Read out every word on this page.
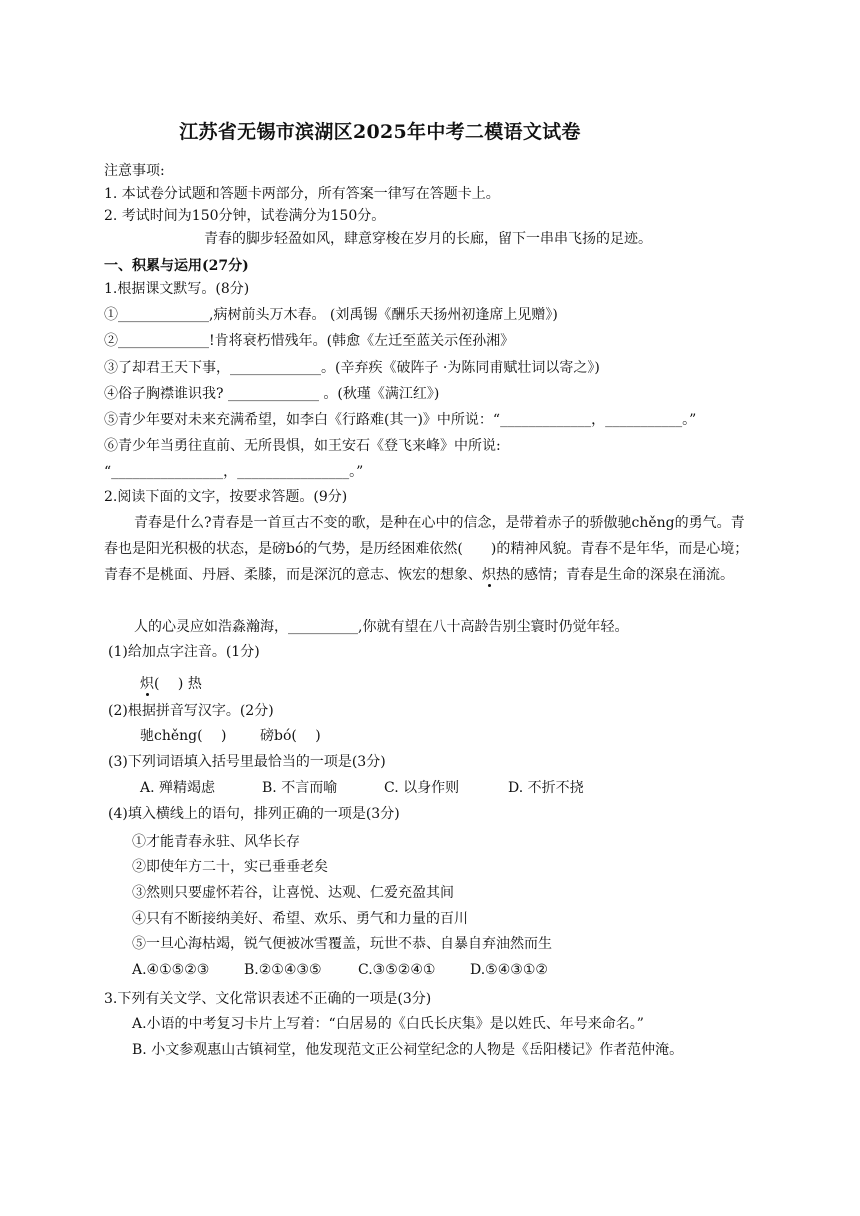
江苏省无锡市滨湖区2025年中考二模语文试卷
注意事项:
1. 本试卷分试题和答题卡两部分，所有答案一律写在答题卡上。
2. 考试时间为150分钟，试卷满分为150分。
青春的脚步轻盈如风，肆意穿梭在岁月的长廊，留下一串串飞扬的足迹。
一、积累与运用(27分)
1.根据课文默写。(8分)
①_____________,病树前头万木春。 (刘禹锡《酬乐天扬州初逢席上见赠》)
②_____________!肯将衰朽惜残年。(韩愈《左迁至蓝关示侄孙湘》
③了却君王天下事，_____________。(辛弃疾《破阵子 ·为陈同甫赋壮词以寄之》)
④俗子胸襟谁识我? _____________ 。(秋瑾《满江红》)
⑤青少年要对未来充满希望，如李白《行路难(其一)》中所说：“_____________，___________。”
⑥青少年当勇往直前、无所畏惧，如王安石《登飞来峰》中所说:
“________________，________________。”
2.阅读下面的文字，按要求答题。(9分)
青春是什么?青春是一首亘古不变的歌，是种在心中的信念，是带着赤子的骄傲驰chěng的勇气。青春也是阳光积极的状态，是磅bó的气势，是历经困难依然(　　)的精神风貌。青春不是年华，而是心境；青春不是桃面、丹唇、柔膝，而是深沉的意志、恢宏的想象、炽热的感情；青春是生命的深泉在涌流。
人的心灵应如浩淼瀚海，__________,你就有望在八十高龄告别尘寰时仍觉年轻。
(1)给加点字注音。(1分)
炽(　 ) 热
(2)根据拼音写汉字。(2分)
驰chěng(　 ) 磅bó(　 )
(3)下列词语填入括号里最恰当的一项是(3分)
A. 殚精竭虑	B. 不言而喻	C. 以身作则	D. 不折不挠
(4)填入横线上的语句，排列正确的一项是(3分)
①才能青春永驻、风华长存
②即使年方二十，实已垂垂老矣
③然则只要虚怀若谷，让喜悦、达观、仁爱充盈其间
④只有不断接纳美好、希望、欢乐、勇气和力量的百川
⑤一旦心海枯竭，锐气便被冰雪覆盖，玩世不恭、自暴自弃油然而生
A.④①⑤②③ B.②①④③⑤	C.③⑤②④① D.⑤④③①②
3.下列有关文学、文化常识表述不正确的一项是(3分)
A.小语的中考复习卡片上写着：“白居易的《白氏长庆集》是以姓氏、年号来命名。”
B. 小文参观惠山古镇祠堂，他发现范文正公祠堂纪念的人物是《岳阳楼记》作者范仲淹。
